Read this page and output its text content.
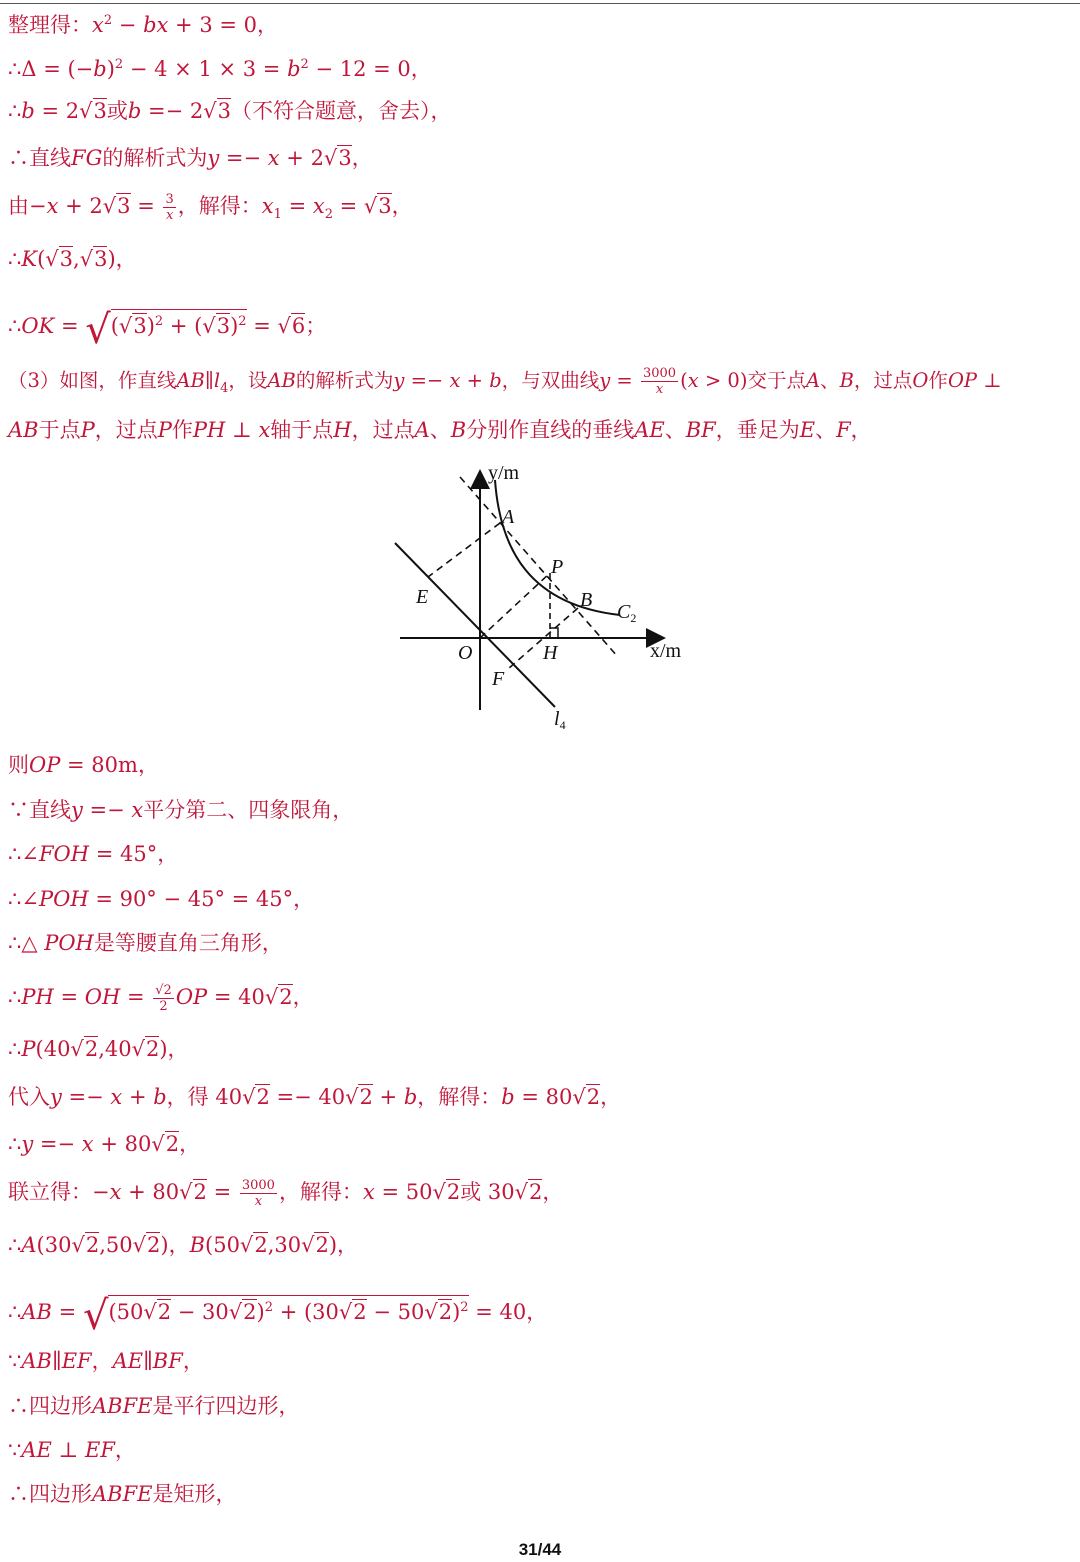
整理得：$x^2$ − bx + 3 = 0，
∴Δ = $(-b)^2 - 4 \times 1 \times 3 = b^2 - 12 = 0$，
∴b = 2√3或b =− 2√3（不符合题意，舍去），
∴直线FG的解析式为y =− x + 2√3，
由$-x + 2√3 = \frac{3}{x}$ ，解得：$x_1 = x_2 = √3$，
∴K(√3,√3)，
∴OK = $√(√3)^2 + (√3)^2 = √6$；
（3）如图，作直线$AB\parallel l_4$，设AB的解析式为y =− x + b，与双曲线$y = \frac{3000}{x} (x > 0)$交于点A、B，过点O作OP ⊥
AB于点P，过点P作PH ⊥ x轴于点H，过点A、B分别作直线的垂线AE、BF，垂足为E、F，
y/m
A
P
B
$C_2$
E
O	H	x/m
F
$l_4$
则OP = 80m，
∵直线y =− x平分第二、四象限角，
∴∠FOH = 45°，
∴∠POH = 90° − 45° = 45°，
∴△ POH是等腰直角三角形，
∴PH = OH = $\frac{√2}{2}$ OP = 40√2，
∴P(40√2,40√2)，
代入y =− x + b，得 40√2 =− 40√2 + b，解得：b = 80√2，
∴y =− x + 80√2，
联立得：$-x + 80√2 = \frac{3000}{x}$ ，解得：x = 50√2或 30√2，
∴A(30√2,50√2)，B(50√2,30√2)，
∴AB = $√(50√2 - 30√2)^2 + (30√2 - 50√2)^2 = 40$，
∵AB∥EF，AE∥BF，
∴四边形ABFE是平行四边形，
∵AE ⊥ EF，
∴四边形ABFE是矩形，
31/44
